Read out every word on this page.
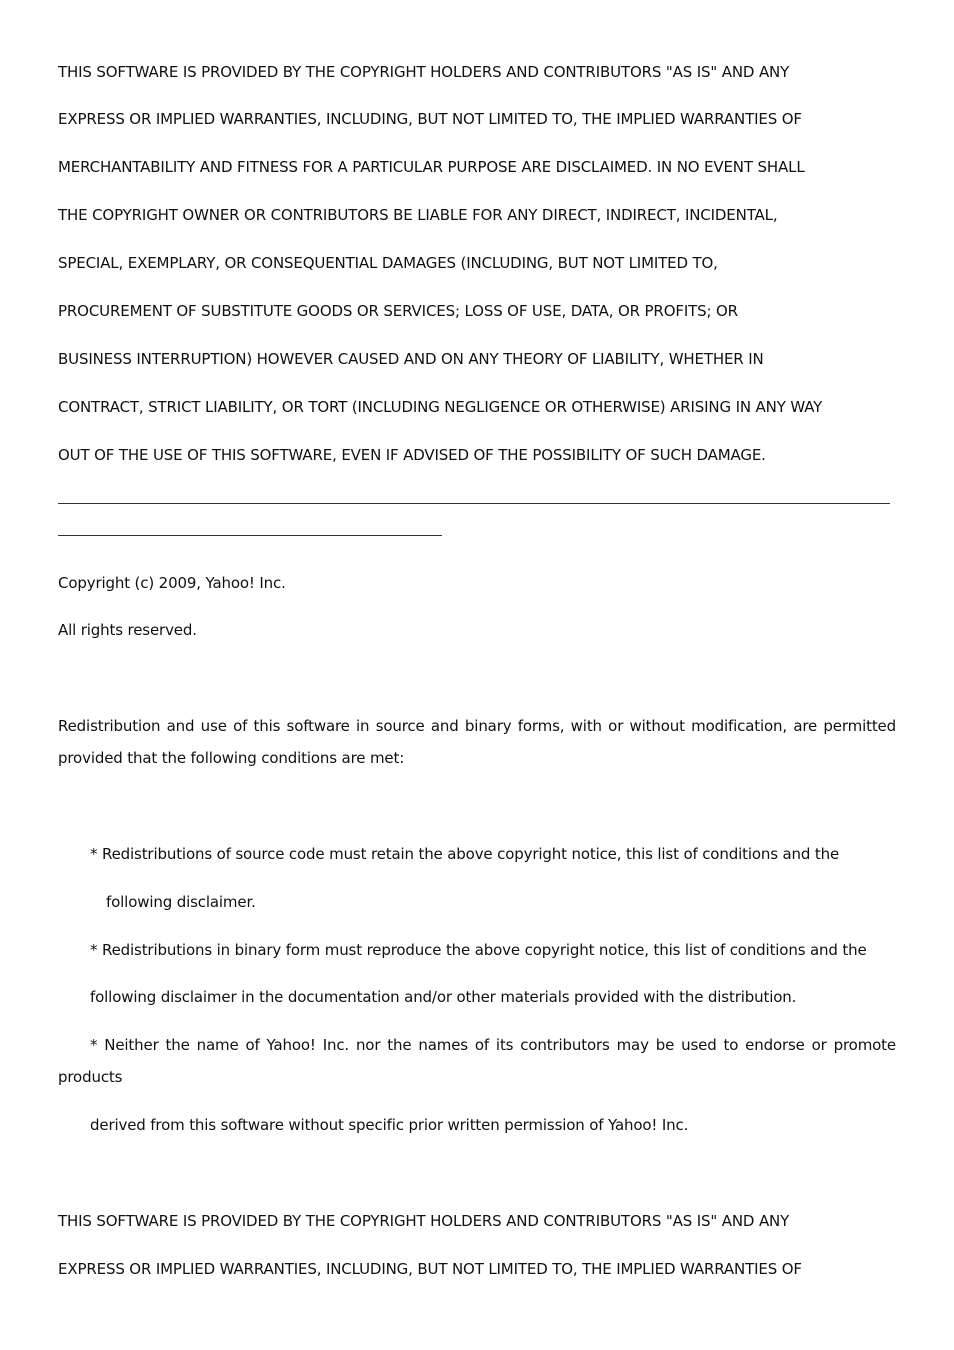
THIS SOFTWARE IS PROVIDED BY THE COPYRIGHT HOLDERS AND CONTRIBUTORS "AS IS" AND ANY
EXPRESS OR IMPLIED WARRANTIES, INCLUDING, BUT NOT LIMITED TO, THE IMPLIED WARRANTIES OF
MERCHANTABILITY AND FITNESS FOR A PARTICULAR PURPOSE ARE DISCLAIMED. IN NO EVENT SHALL
THE COPYRIGHT OWNER OR CONTRIBUTORS BE LIABLE FOR ANY DIRECT, INDIRECT, INCIDENTAL,
SPECIAL, EXEMPLARY, OR CONSEQUENTIAL DAMAGES (INCLUDING, BUT NOT LIMITED TO,
PROCUREMENT OF SUBSTITUTE GOODS OR SERVICES; LOSS OF USE, DATA, OR PROFITS; OR
BUSINESS INTERRUPTION) HOWEVER CAUSED AND ON ANY THEORY OF LIABILITY, WHETHER IN
CONTRACT, STRICT LIABILITY, OR TORT (INCLUDING NEGLIGENCE OR OTHERWISE) ARISING IN ANY WAY
OUT OF THE USE OF THIS SOFTWARE, EVEN IF ADVISED OF THE POSSIBILITY OF SUCH DAMAGE.
Copyright (c) 2009, Yahoo! Inc.
All rights reserved.
Redistribution and use of this software in source and binary forms, with or without modification, are permitted
provided that the following conditions are met:
* Redistributions of source code must retain the above copyright notice, this list of conditions and the
following disclaimer.
* Redistributions in binary form must reproduce the above copyright notice, this list of conditions and the
following disclaimer in the documentation and/or other materials provided with the distribution.
* Neither the name of Yahoo! Inc. nor the names of its contributors may be used to endorse or promote
products
derived from this software without specific prior written permission of Yahoo! Inc.
THIS SOFTWARE IS PROVIDED BY THE COPYRIGHT HOLDERS AND CONTRIBUTORS "AS IS" AND ANY
EXPRESS OR IMPLIED WARRANTIES, INCLUDING, BUT NOT LIMITED TO, THE IMPLIED WARRANTIES OF
